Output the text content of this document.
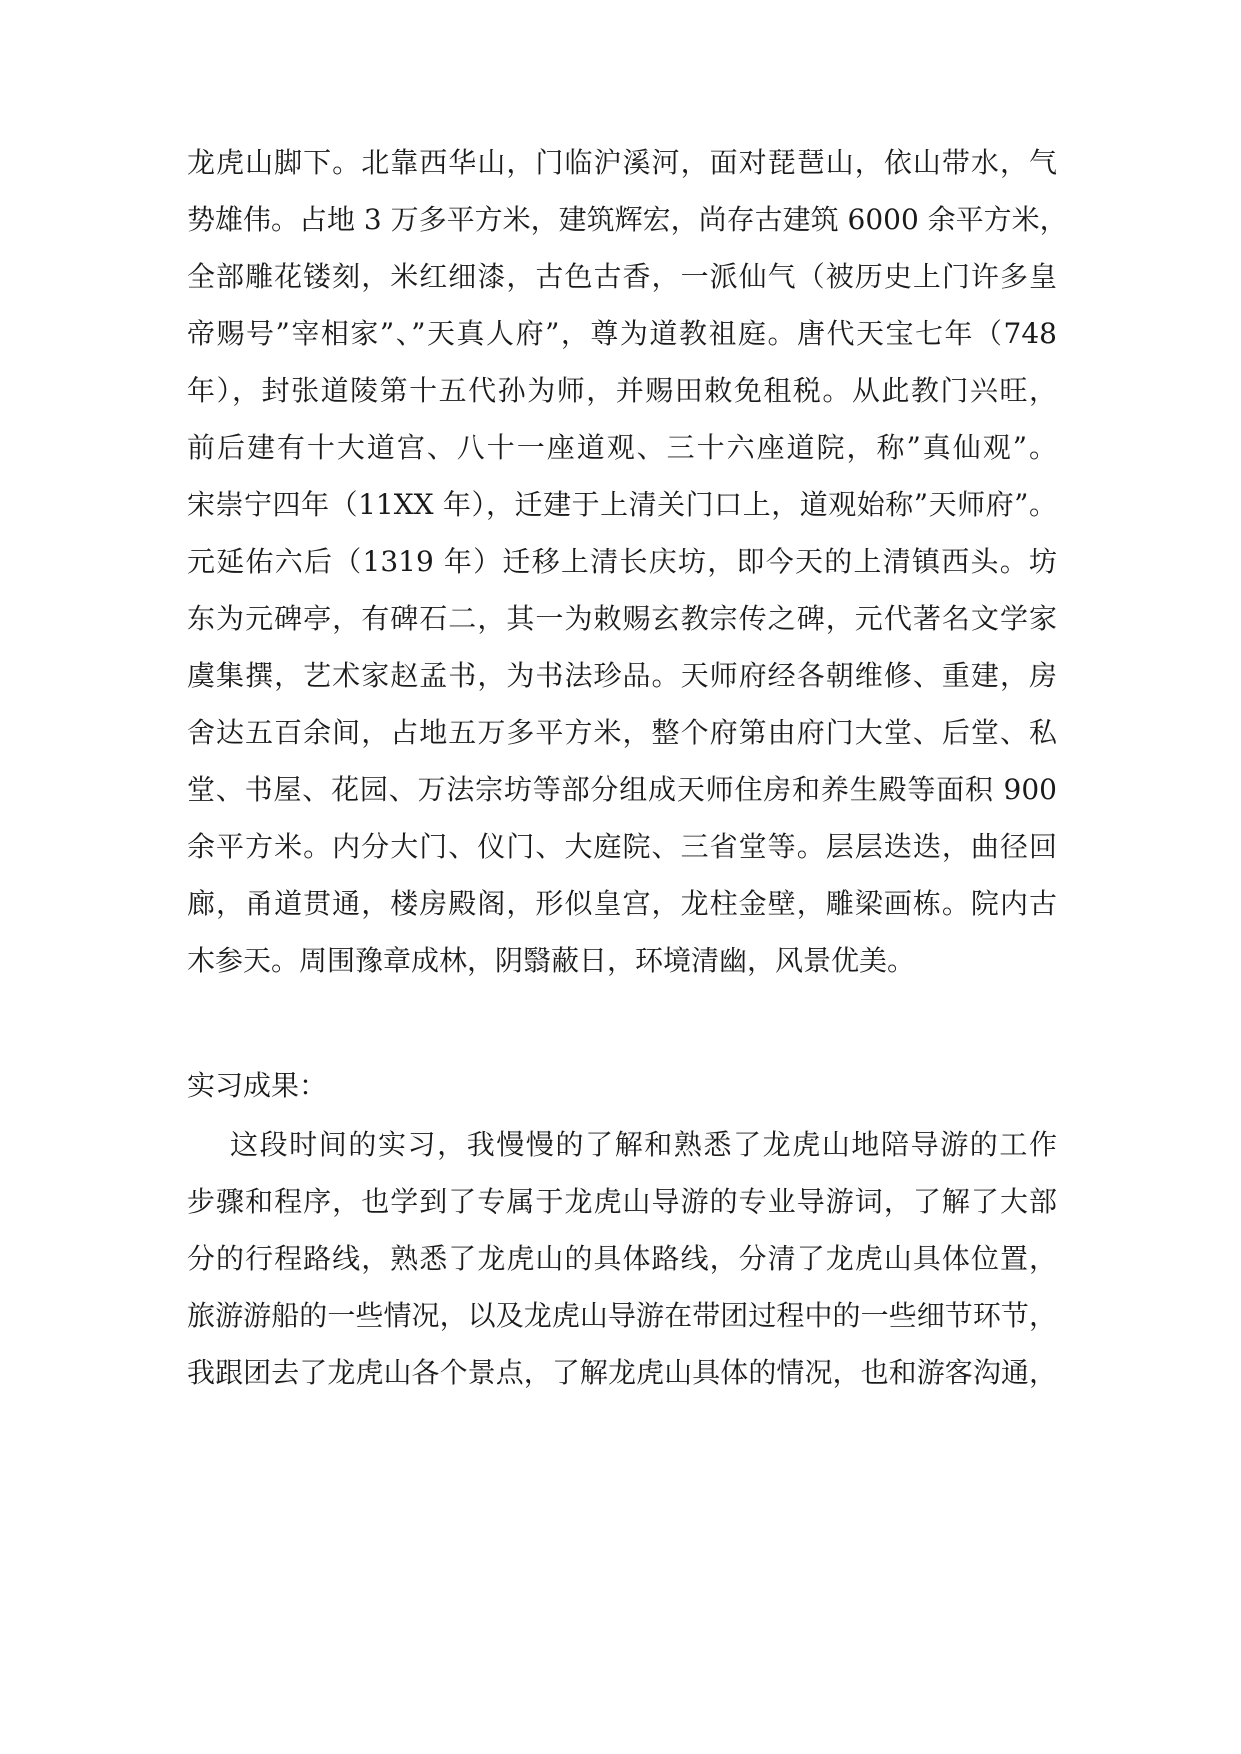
龙虎山脚下。北靠西华山，门临沪溪河，面对琵琶山，依山带水，气
势雄伟。占地 3 万多平方米，建筑辉宏，尚存古建筑 6000 余平方米，
全部雕花镂刻，米红细漆，古色古香，一派仙气（被历史上门许多皇
帝赐号”宰相家”、”天真人府”，尊为道教祖庭。唐代天宝七年（748
年），封张道陵第十五代孙为师，并赐田敕免租税。从此教门兴旺，
前后建有十大道宫、八十一座道观、三十六座道院，称”真仙观”。
宋崇宁四年（11XX 年），迁建于上清关门口上，道观始称”天师府”。
元延佑六后（1319 年）迁移上清长庆坊，即今天的上清镇西头。坊
东为元碑亭，有碑石二，其一为敕赐玄教宗传之碑，元代著名文学家
虞集撰，艺术家赵孟书，为书法珍品。天师府经各朝维修、重建，房
舍达五百余间，占地五万多平方米，整个府第由府门大堂、后堂、私
堂、书屋、花园、万法宗坊等部分组成天师住房和养生殿等面积 900
余平方米。内分大门、仪门、大庭院、三省堂等。层层迭迭，曲径回
廊，甬道贯通，楼房殿阁，形似皇宫，龙柱金壁，雕梁画栋。院内古
木参天。周围豫章成林，阴翳蔽日，环境清幽，风景优美。
实习成果：
这段时间的实习，我慢慢的了解和熟悉了龙虎山地陪导游的工作
步骤和程序，也学到了专属于龙虎山导游的专业导游词，了解了大部
分的行程路线，熟悉了龙虎山的具体路线，分清了龙虎山具体位置，
旅游游船的一些情况，以及龙虎山导游在带团过程中的一些细节环节，
我跟团去了龙虎山各个景点，了解龙虎山具体的情况，也和游客沟通，
